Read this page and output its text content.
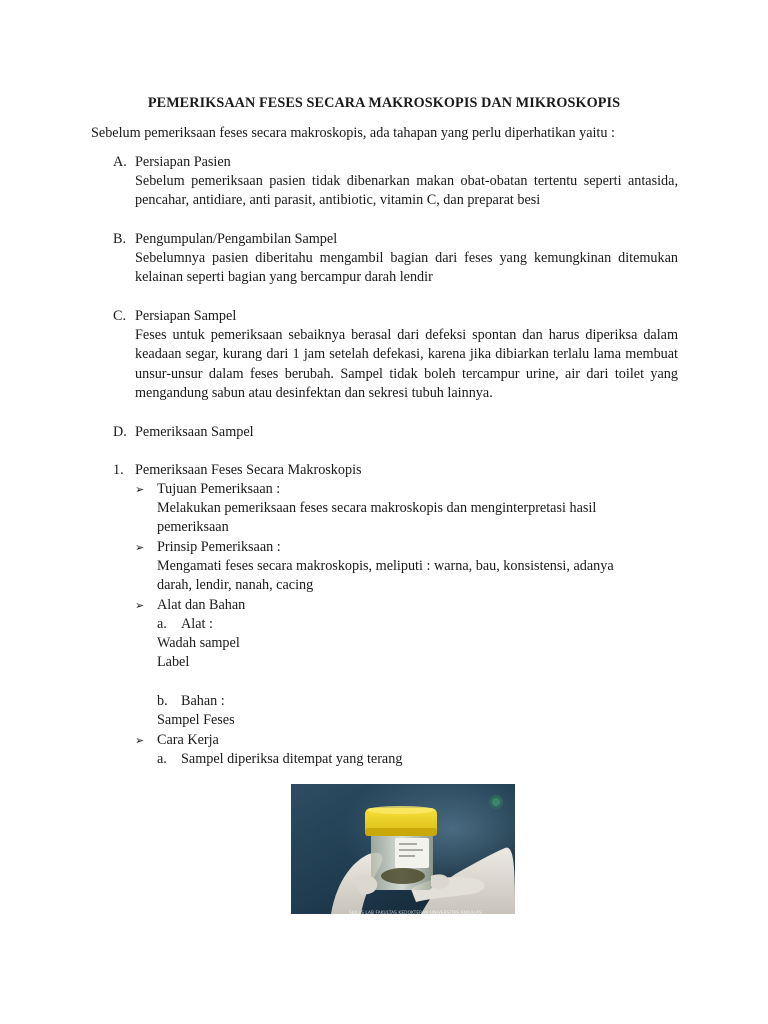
PEMERIKSAAN FESES SECARA MAKROSKOPIS DAN MIKROSKOPIS
Sebelum pemeriksaan feses secara makroskopis, ada tahapan yang perlu diperhatikan yaitu :
A. Persiapan Pasien
Sebelum pemeriksaan pasien tidak dibenarkan makan obat-obatan tertentu seperti antasida, pencahar, antidiare, anti parasit, antibiotic, vitamin C, dan preparat besi
B. Pengumpulan/Pengambilan Sampel
Sebelumnya pasien diberitahu mengambil bagian dari feses yang kemungkinan ditemukan kelainan seperti bagian yang bercampur darah lendir
C. Persiapan Sampel
Feses untuk pemeriksaan sebaiknya berasal dari defeksi spontan dan harus diperiksa dalam keadaan segar, kurang dari 1 jam setelah defekasi, karena jika dibiarkan terlalu lama membuat unsur-unsur dalam feses berubah. Sampel tidak boleh tercampur urine, air dari toilet yang mengandung sabun atau desinfektan dan sekresi tubuh lainnya.
D. Pemeriksaan Sampel
1. Pemeriksaan Feses Secara Makroskopis
➢ Tujuan Pemeriksaan :
Melakukan pemeriksaan feses secara makroskopis dan menginterpretasi hasil pemeriksaan
➢ Prinsip Pemeriksaan :
Mengamati feses secara makroskopis, meliputi : warna, bau, konsistensi, adanya darah, lendir, nanah, cacing
➢ Alat dan Bahan
a. Alat :
Wadah sampel
Label
b. Bahan :
Sampel Feses
➢ Cara Kerja
a. Sampel diperiksa ditempat yang terang
SKILLS LAB FAKULTAS KEDOKTERAN UNIVERSITAS ANDALAS
